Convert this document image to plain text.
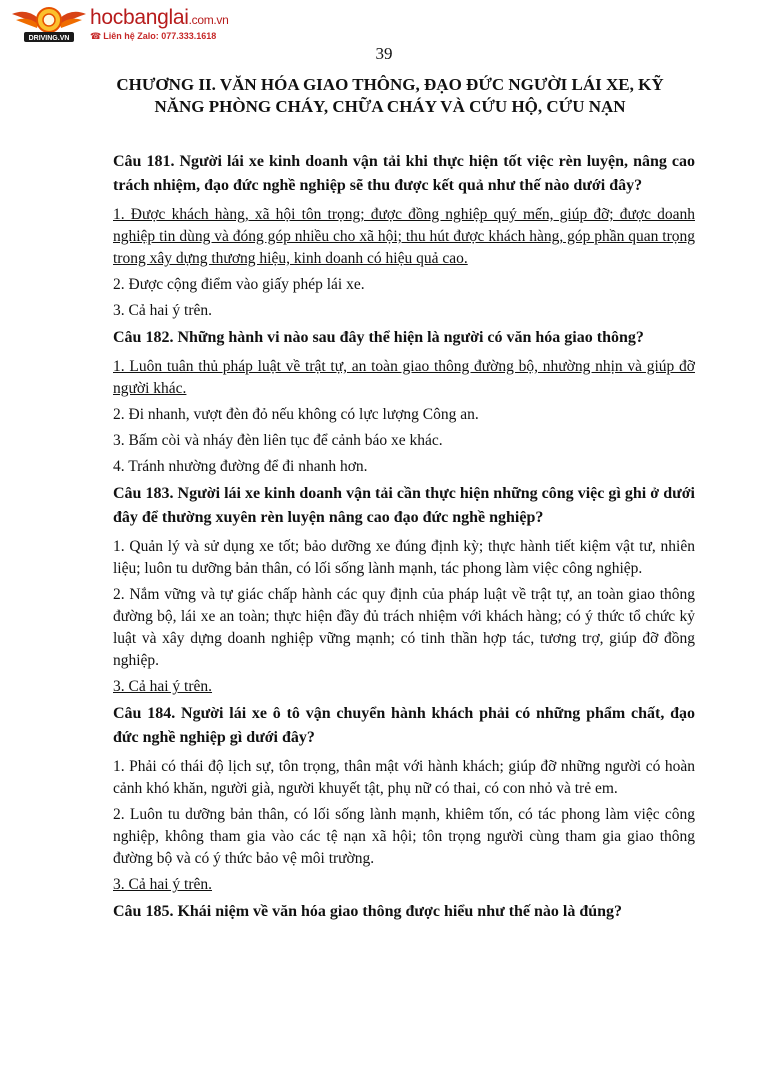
DRIVING.VN
hocbanglai.com.vn
☎ Liên hệ Zalo: 077.333.1618
39
CHƯƠNG II. VĂN HÓA GIAO THÔNG, ĐẠO ĐỨC NGƯỜI LÁI XE, KỸ NĂNG PHÒNG CHÁY, CHỮA CHÁY VÀ CỨU HỘ, CỨU NẠN

Câu 181. Người lái xe kinh doanh vận tải khi thực hiện tốt việc rèn luyện, nâng cao trách nhiệm, đạo đức nghề nghiệp sẽ thu được kết quả như thế nào dưới đây?

1. Được khách hàng, xã hội tôn trọng; được đồng nghiệp quý mến, giúp đỡ; được doanh nghiệp tin dùng và đóng góp nhiều cho xã hội; thu hút được khách hàng, góp phần quan trọng trong xây dựng thương hiệu, kinh doanh có hiệu quả cao.

2. Được cộng điểm vào giấy phép lái xe.

3. Cả hai ý trên.

Câu 182. Những hành vi nào sau đây thể hiện là người có văn hóa giao thông?

1. Luôn tuân thủ pháp luật về trật tự, an toàn giao thông đường bộ, nhường nhịn và giúp đỡ người khác.

2. Đi nhanh, vượt đèn đỏ nếu không có lực lượng Công an.

3. Bấm còi và nháy đèn liên tục để cảnh báo xe khác.

4. Tránh nhường đường để đi nhanh hơn.

Câu 183. Người lái xe kinh doanh vận tải cần thực hiện những công việc gì ghi ở dưới đây để thường xuyên rèn luyện nâng cao đạo đức nghề nghiệp?

1. Quản lý và sử dụng xe tốt; bảo dưỡng xe đúng định kỳ; thực hành tiết kiệm vật tư, nhiên liệu; luôn tu dưỡng bản thân, có lối sống lành mạnh, tác phong làm việc công nghiệp.

2. Nắm vững và tự giác chấp hành các quy định của pháp luật về trật tự, an toàn giao thông đường bộ, lái xe an toàn; thực hiện đầy đủ trách nhiệm với khách hàng; có ý thức tổ chức kỷ luật và xây dựng doanh nghiệp vững mạnh; có tinh thần hợp tác, tương trợ, giúp đỡ đồng nghiệp.

3. Cả hai ý trên.

Câu 184. Người lái xe ô tô vận chuyển hành khách phải có những phẩm chất, đạo đức nghề nghiệp gì dưới đây?

1. Phải có thái độ lịch sự, tôn trọng, thân mật với hành khách; giúp đỡ những người có hoàn cảnh khó khăn, người già, người khuyết tật, phụ nữ có thai, có con nhỏ và trẻ em.

2. Luôn tu dưỡng bản thân, có lối sống lành mạnh, khiêm tốn, có tác phong làm việc công nghiệp, không tham gia vào các tệ nạn xã hội; tôn trọng người cùng tham gia giao thông đường bộ và có ý thức bảo vệ môi trường.

3. Cả hai ý trên.

Câu 185. Khái niệm về văn hóa giao thông được hiểu như thế nào là đúng?
